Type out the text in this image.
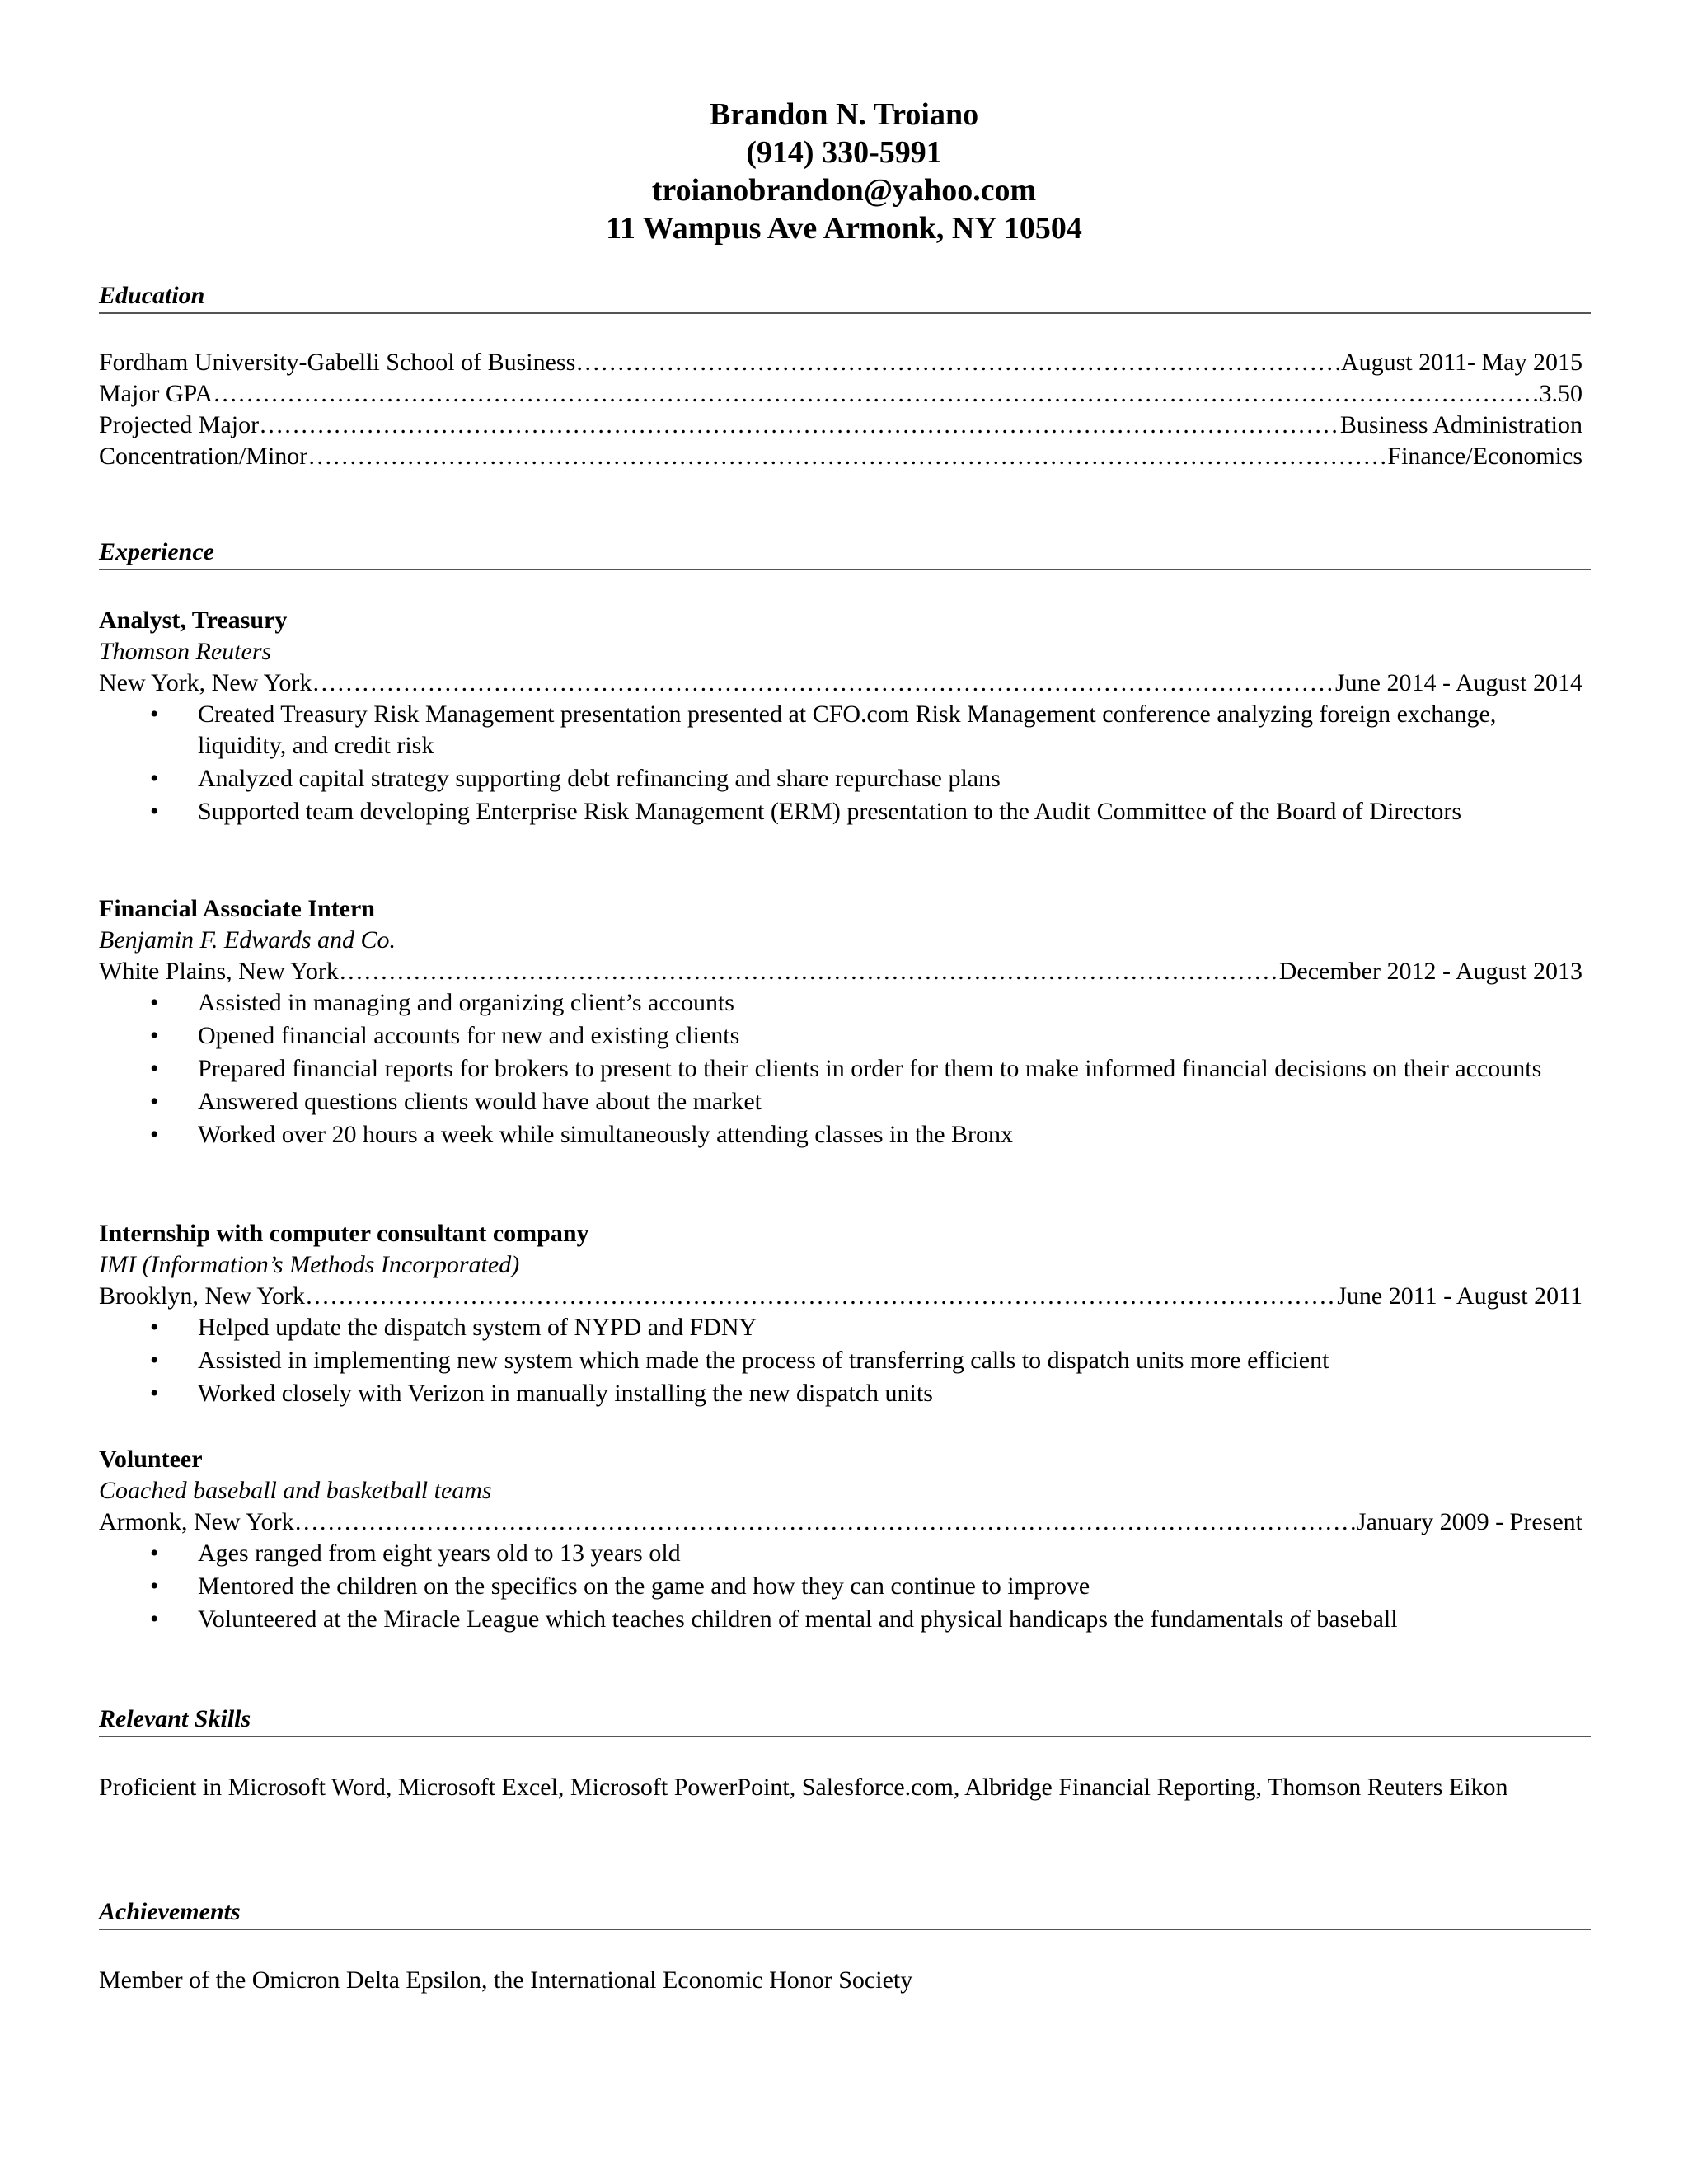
Brandon N. Troiano
(914) 330-5991
troianobrandon@yahoo.com
11 Wampus Ave Armonk, NY 10504
Education
Fordham University-Gabelli School of Business ………………………………………………………………………………………………………………………………………………………………………………………………………………………………………………………………………………	August 2011- May 2015
Major GPA ………………………………………………………………………………………………………………………………………………………………………………………………………………………………………………………………………………	3.50
Projected Major ………………………………………………………………………………………………………………………………………………………………………………………………………………………………………………………………………………	Business Administration
Concentration/Minor ………………………………………………………………………………………………………………………………………………………………………………………………………………………………………………………………………………	Finance/Economics
Experience
Analyst, Treasury
Thomson Reuters
New York, New York ………………………………………………………………………………………………………………………………………………………………………………………………………………………………………………………………………………	June 2014 - August 2014
• Created Treasury Risk Management presentation presented at CFO.com Risk Management conference analyzing foreign exchange, liquidity, and credit risk
• Analyzed capital strategy supporting debt refinancing and share repurchase plans
• Supported team developing Enterprise Risk Management (ERM) presentation to the Audit Committee of the Board of Directors
Financial Associate Intern
Benjamin F. Edwards and Co.
White Plains, New York ………………………………………………………………………………………………………………………………………………………………………………………………………………………………………………………………………………	December 2012 - August 2013
• Assisted in managing and organizing client’s accounts
• Opened financial accounts for new and existing clients
• Prepared financial reports for brokers to present to their clients in order for them to make informed financial decisions on their accounts
• Answered questions clients would have about the market
• Worked over 20 hours a week while simultaneously attending classes in the Bronx
Internship with computer consultant company
IMI (Information’s Methods Incorporated)
Brooklyn, New York ………………………………………………………………………………………………………………………………………………………………………………………………………………………………………………………………………………	June 2011 - August 2011
• Helped update the dispatch system of NYPD and FDNY
• Assisted in implementing new system which made the process of transferring calls to dispatch units more efficient
• Worked closely with Verizon in manually installing the new dispatch units
Volunteer
Coached baseball and basketball teams
Armonk, New York ………………………………………………………………………………………………………………………………………………………………………………………………………………………………………………………………………………	January 2009 - Present
• Ages ranged from eight years old to 13 years old
• Mentored the children on the specifics on the game and how they can continue to improve
• Volunteered at the Miracle League which teaches children of mental and physical handicaps the fundamentals of baseball
Relevant Skills
Proficient in Microsoft Word, Microsoft Excel, Microsoft PowerPoint, Salesforce.com, Albridge Financial Reporting, Thomson Reuters Eikon
Achievements
Member of the Omicron Delta Epsilon, the International Economic Honor Society
